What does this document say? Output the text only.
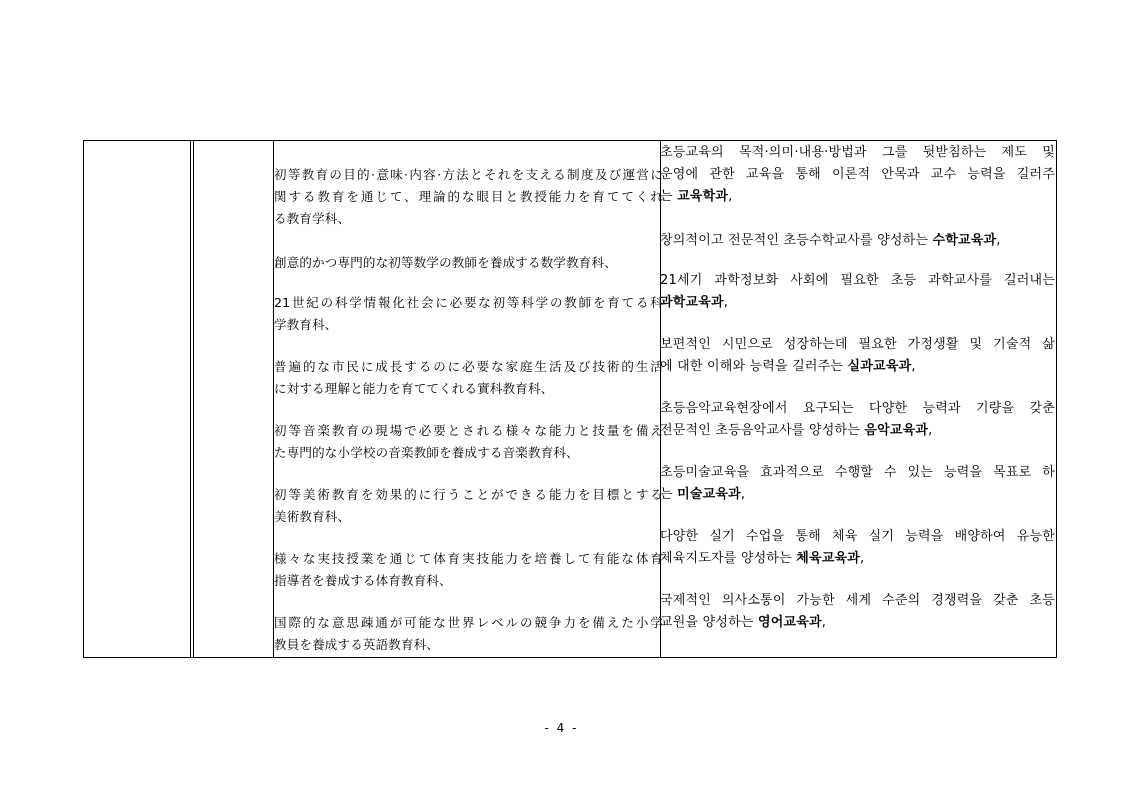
初等教育の目的·意味·内容·方法とそれを支える制度及び運営に
関する教育を通じて、理論的な眼目と教授能力を育ててくれ
る教育学科、
創意的かつ専門的な初等数学の教師を養成する数学教育科、
21世紀の科学情報化社会に必要な初等科学の教師を育てる科
学教育科、
普遍的な市民に成長するのに必要な家庭生活及び技術的生活
に対する理解と能力を育ててくれる實科教育科、
初等音楽教育の現場で必要とされる様々な能力と技量を備え
た専門的な小学校の音楽教師を養成する音楽教育科、
初等美術教育を効果的に行うことができる能力を目標とする
美術教育科、
様々な実技授業を通じて体育実技能力を培養して有能な体育
指導者を養成する体育教育科、
国際的な意思疎通が可能な世界レベルの競争力を備えた小学
教員を養成する英語教育科、
초등교육의 목적·의미·내용·방법과 그를 뒷받침하는 제도 및
운영에 관한 교육을 통해 이론적 안목과 교수 능력을 길러주
는 교육학과,
창의적이고 전문적인 초등수학교사를 양성하는 수학교육과,
21세기 과학정보화 사회에 필요한 초등 과학교사를 길러내는
과학교육과,
보편적인 시민으로 성장하는데 필요한 가정생활 및 기술적 삶
에 대한 이해와 능력을 길러주는 실과교육과,
초등음악교육현장에서 요구되는 다양한 능력과 기량을 갖춘
전문적인 초등음악교사를 양성하는 음악교육과,
초등미술교육을 효과적으로 수행할 수 있는 능력을 목표로 하
는 미술교육과,
다양한 실기 수업을 통해 체육 실기 능력을 배양하여 유능한
체육지도자를 양성하는 체육교육과,
국제적인 의사소통이 가능한 세계 수준의 경쟁력을 갖춘 초등
교원을 양성하는 영어교육과,
- 4 -
